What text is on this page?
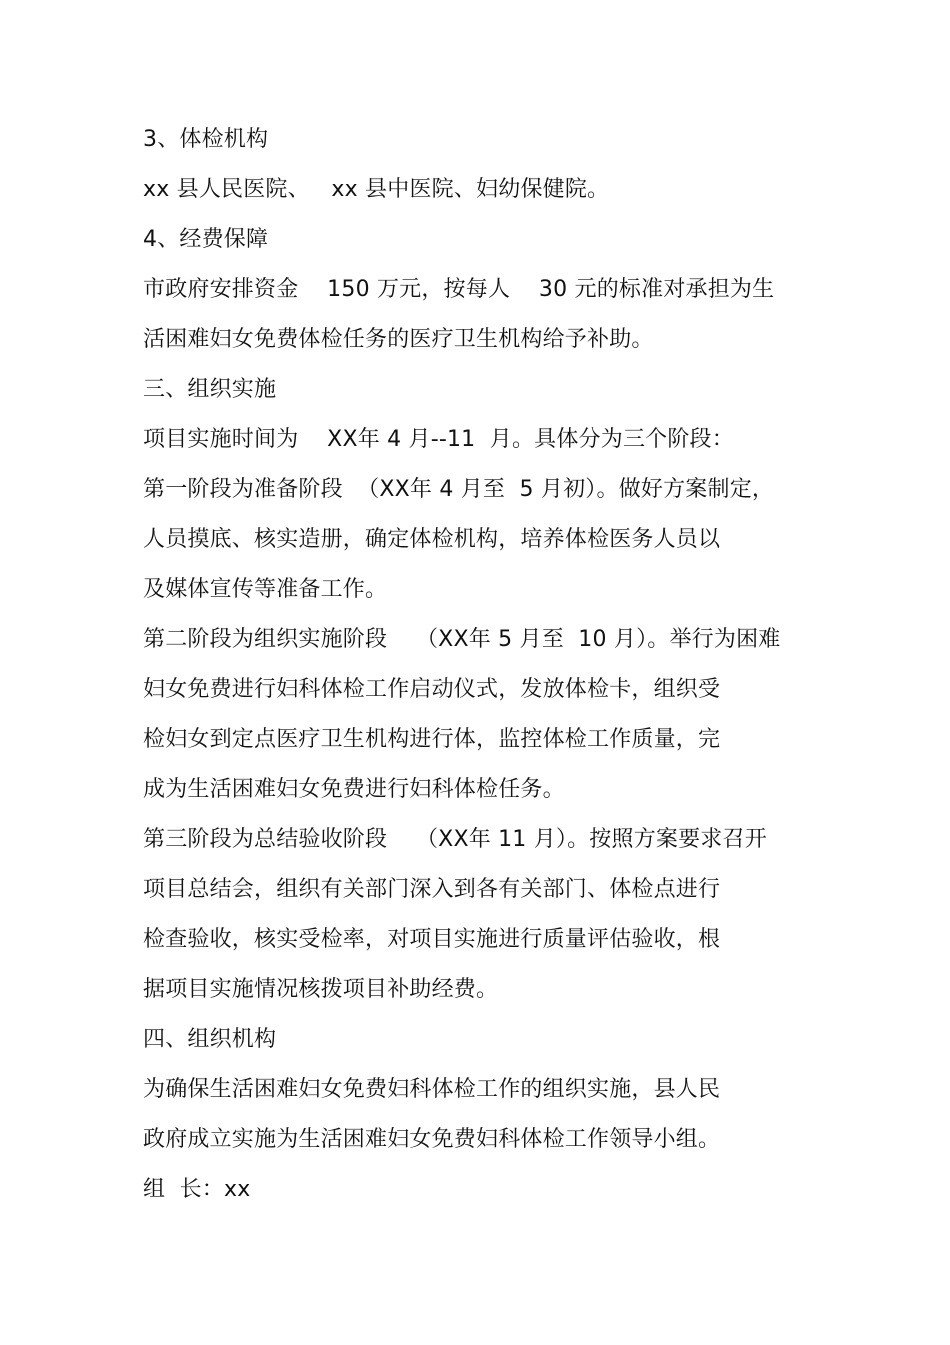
3、体检机构
xx 县人民医院、   xx 县中医院、妇幼保健院。
4、经费保障
市政府安排资金    150 万元，按每人    30 元的标准对承担为生
活困难妇女免费体检任务的医疗卫生机构给予补助。
三、组织实施
项目实施时间为    XX年 4 月--11  月。具体分为三个阶段：
第一阶段为准备阶段  （XX年 4 月至  5 月初）。做好方案制定，
人员摸底、核实造册，确定体检机构，培养体检医务人员以
及媒体宣传等准备工作。
第二阶段为组织实施阶段    （XX年 5 月至  10 月）。举行为困难
妇女免费进行妇科体检工作启动仪式，发放体检卡，组织受
检妇女到定点医疗卫生机构进行体，监控体检工作质量，完
成为生活困难妇女免费进行妇科体检任务。
第三阶段为总结验收阶段    （XX年 11 月）。按照方案要求召开
项目总结会，组织有关部门深入到各有关部门、体检点进行
检查验收，核实受检率，对项目实施进行质量评估验收，根
据项目实施情况核拨项目补助经费。
四、组织机构
为确保生活困难妇女免费妇科体检工作的组织实施，县人民
政府成立实施为生活困难妇女免费妇科体检工作领导小组。
组  长：xx
